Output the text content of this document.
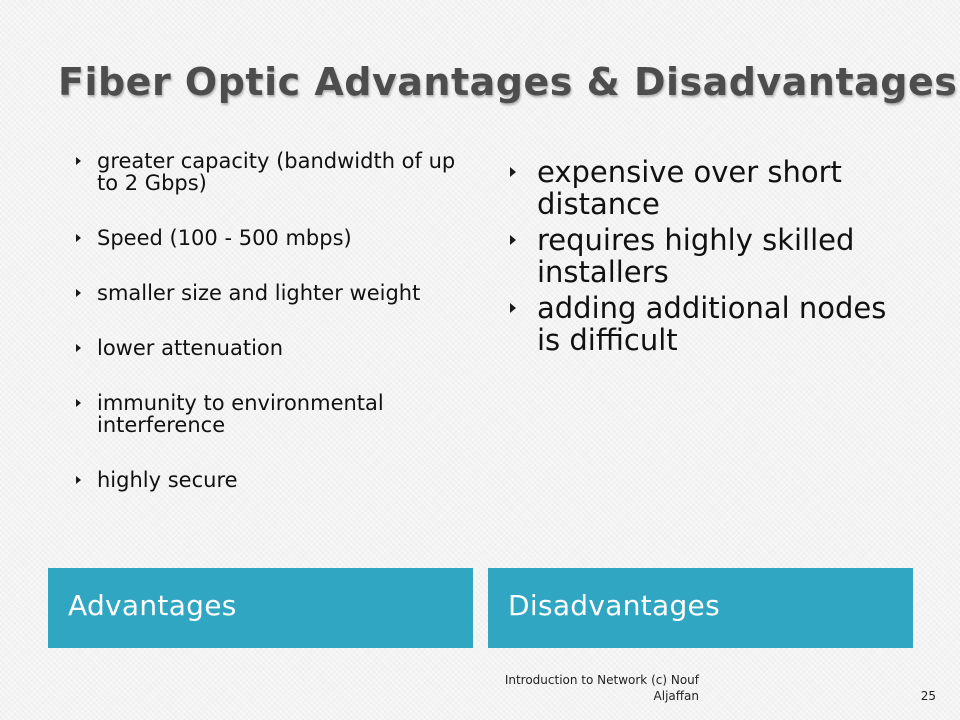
Fiber Optic Advantages & Disadvantages
greater capacity (bandwidth of up to 2 Gbps)
Speed (100 - 500 mbps)
smaller size and lighter weight
lower attenuation
immunity to environmental interference
highly secure
expensive over short distance
requires highly skilled installers
adding additional nodes is difficult
Advantages	Disadvantages
Introduction to Network (c) Nouf Aljaffan	25
